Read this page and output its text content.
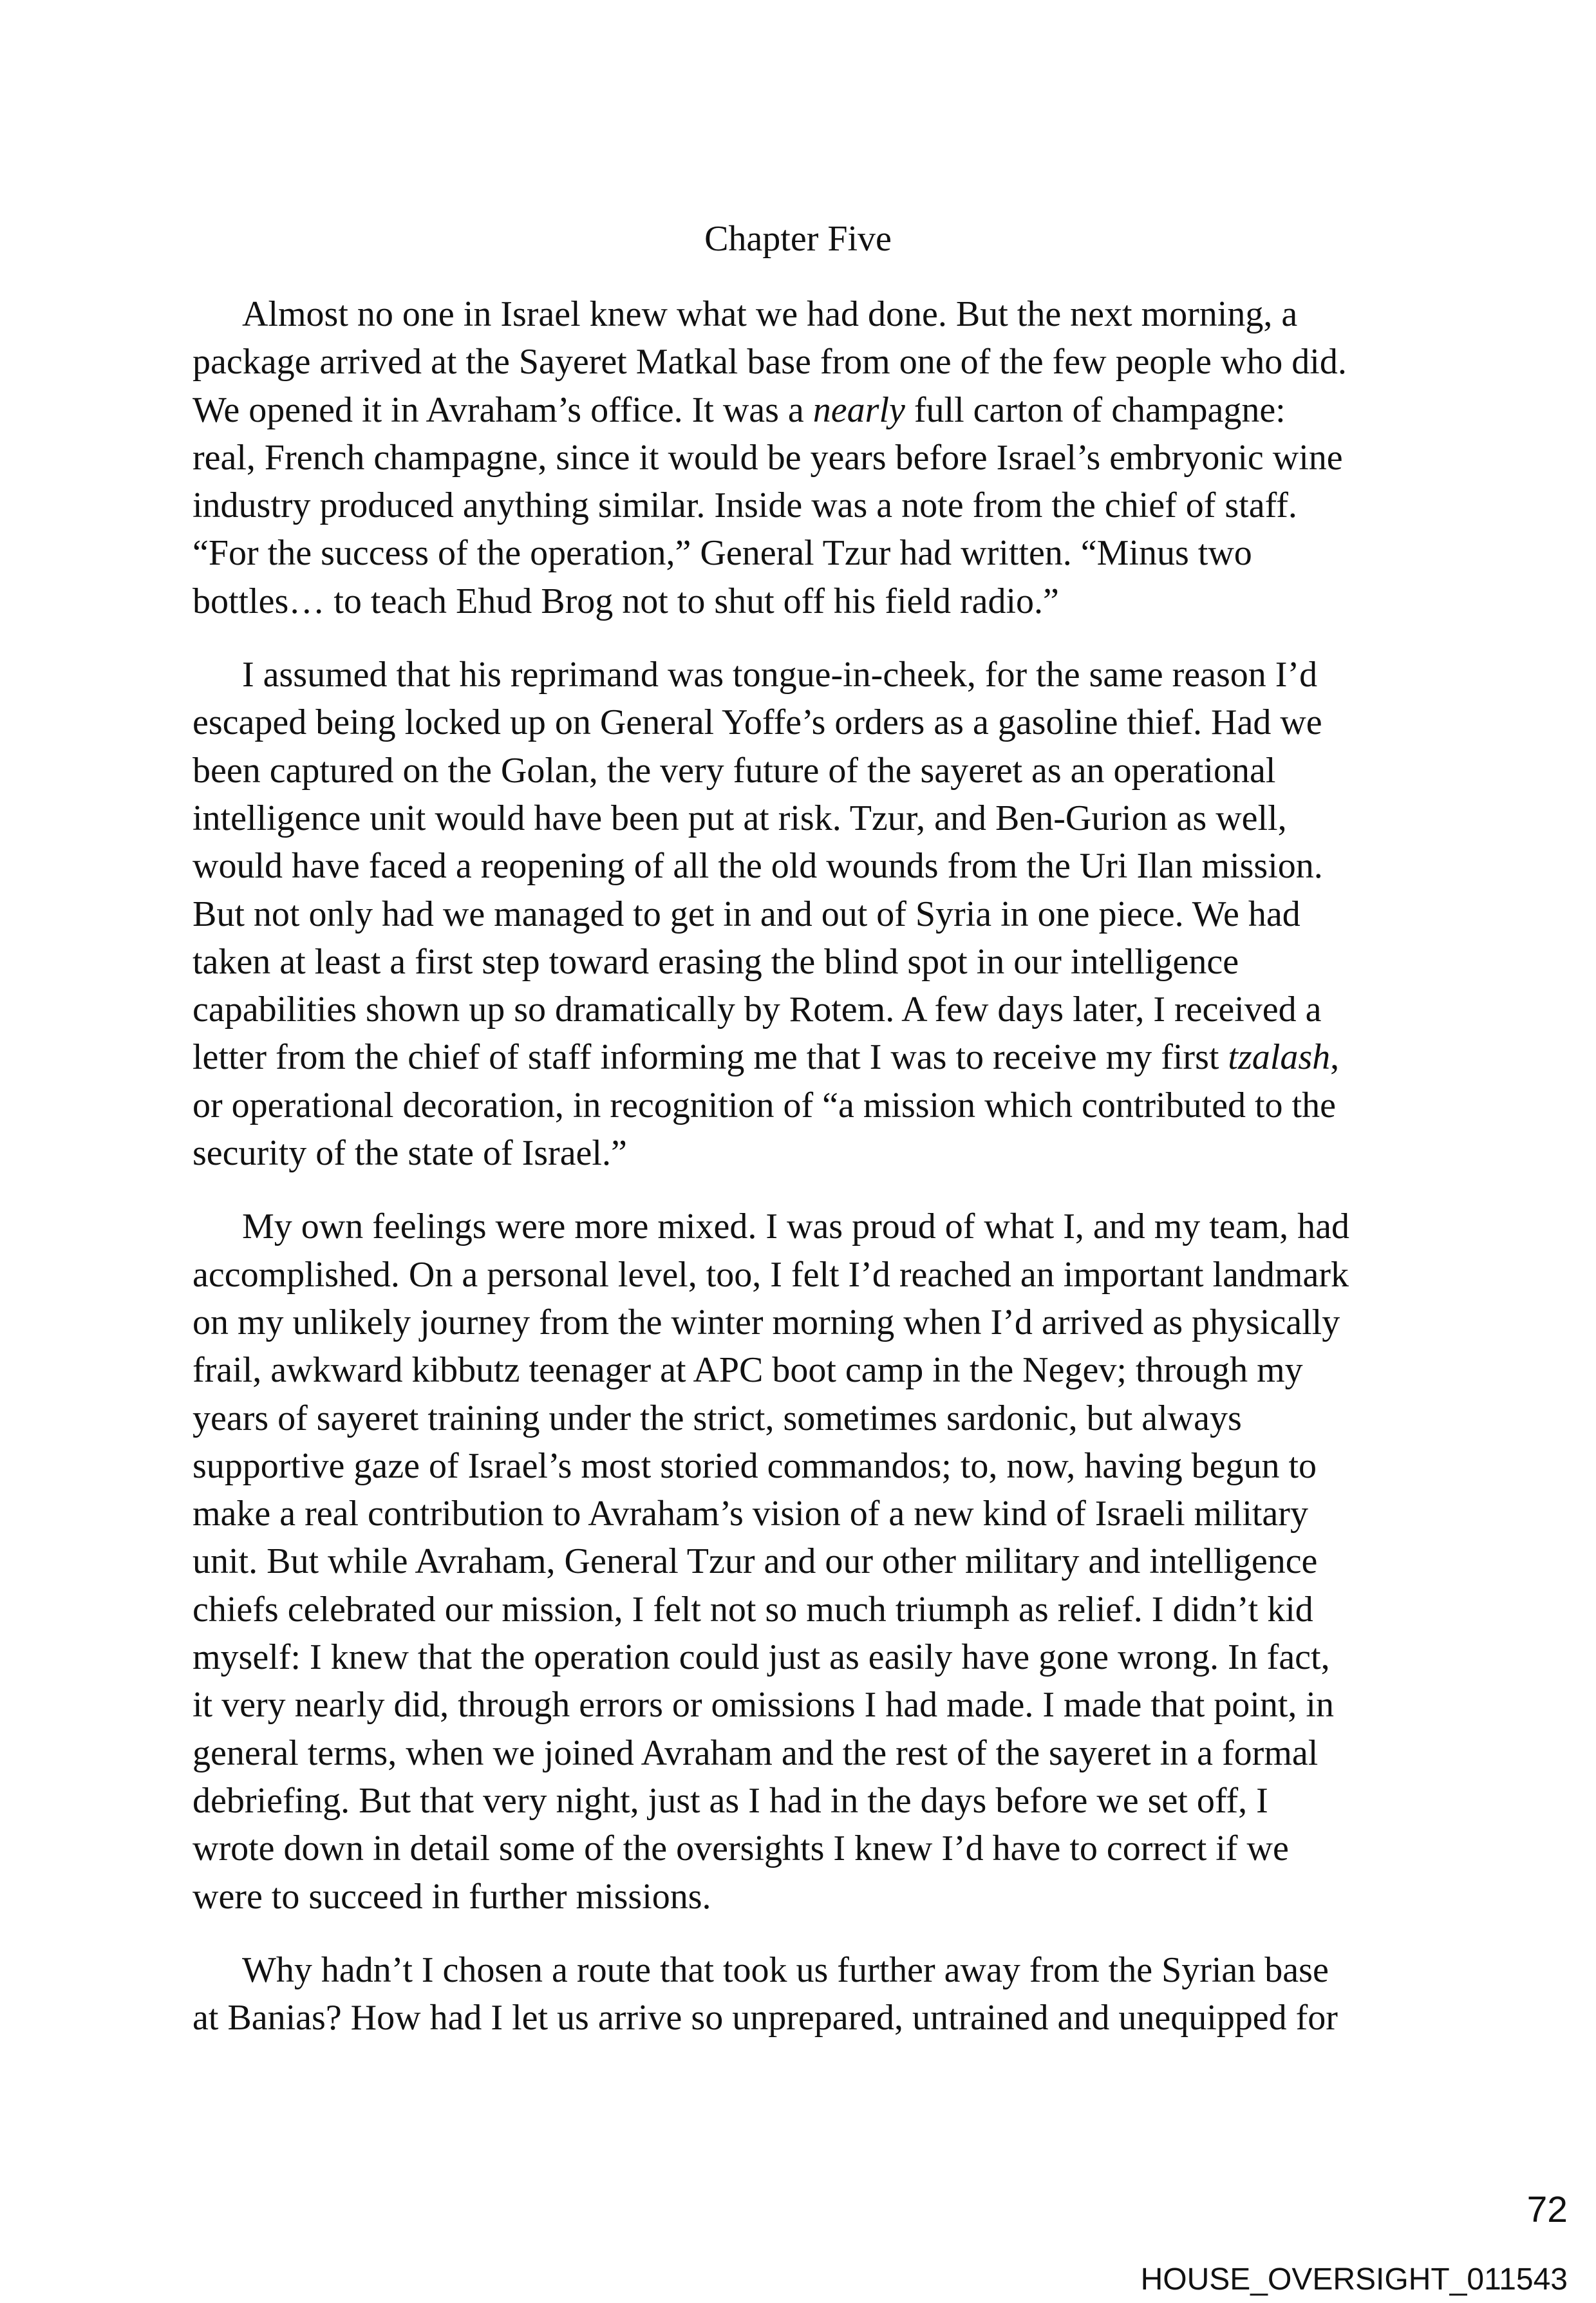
Chapter Five
Almost no one in Israel knew what we had done. But the next morning, a
package arrived at the Sayeret Matkal base from one of the few people who did.
We opened it in Avraham’s office. It was a nearly full carton of champagne:
real, French champagne, since it would be years before Israel’s embryonic wine
industry produced anything similar. Inside was a note from the chief of staff.
“For the success of the operation,” General Tzur had written. “Minus two
bottles… to teach Ehud Brog not to shut off his field radio.”
I assumed that his reprimand was tongue-in-cheek, for the same reason I’d
escaped being locked up on General Yoffe’s orders as a gasoline thief. Had we
been captured on the Golan, the very future of the sayeret as an operational
intelligence unit would have been put at risk. Tzur, and Ben-Gurion as well,
would have faced a reopening of all the old wounds from the Uri Ilan mission.
But not only had we managed to get in and out of Syria in one piece. We had
taken at least a first step toward erasing the blind spot in our intelligence
capabilities shown up so dramatically by Rotem. A few days later, I received a
letter from the chief of staff informing me that I was to receive my first tzalash,
or operational decoration, in recognition of “a mission which contributed to the
security of the state of Israel.”
My own feelings were more mixed. I was proud of what I, and my team, had
accomplished. On a personal level, too, I felt I’d reached an important landmark
on my unlikely journey from the winter morning when I’d arrived as physically
frail, awkward kibbutz teenager at APC boot camp in the Negev; through my
years of sayeret training under the strict, sometimes sardonic, but always
supportive gaze of Israel’s most storied commandos; to, now, having begun to
make a real contribution to Avraham’s vision of a new kind of Israeli military
unit. But while Avraham, General Tzur and our other military and intelligence
chiefs celebrated our mission, I felt not so much triumph as relief. I didn’t kid
myself: I knew that the operation could just as easily have gone wrong. In fact,
it very nearly did, through errors or omissions I had made. I made that point, in
general terms, when we joined Avraham and the rest of the sayeret in a formal
debriefing. But that very night, just as I had in the days before we set off, I
wrote down in detail some of the oversights I knew I’d have to correct if we
were to succeed in further missions.
Why hadn’t I chosen a route that took us further away from the Syrian base
at Banias? How had I let us arrive so unprepared, untrained and unequipped for
72
HOUSE_OVERSIGHT_011543
